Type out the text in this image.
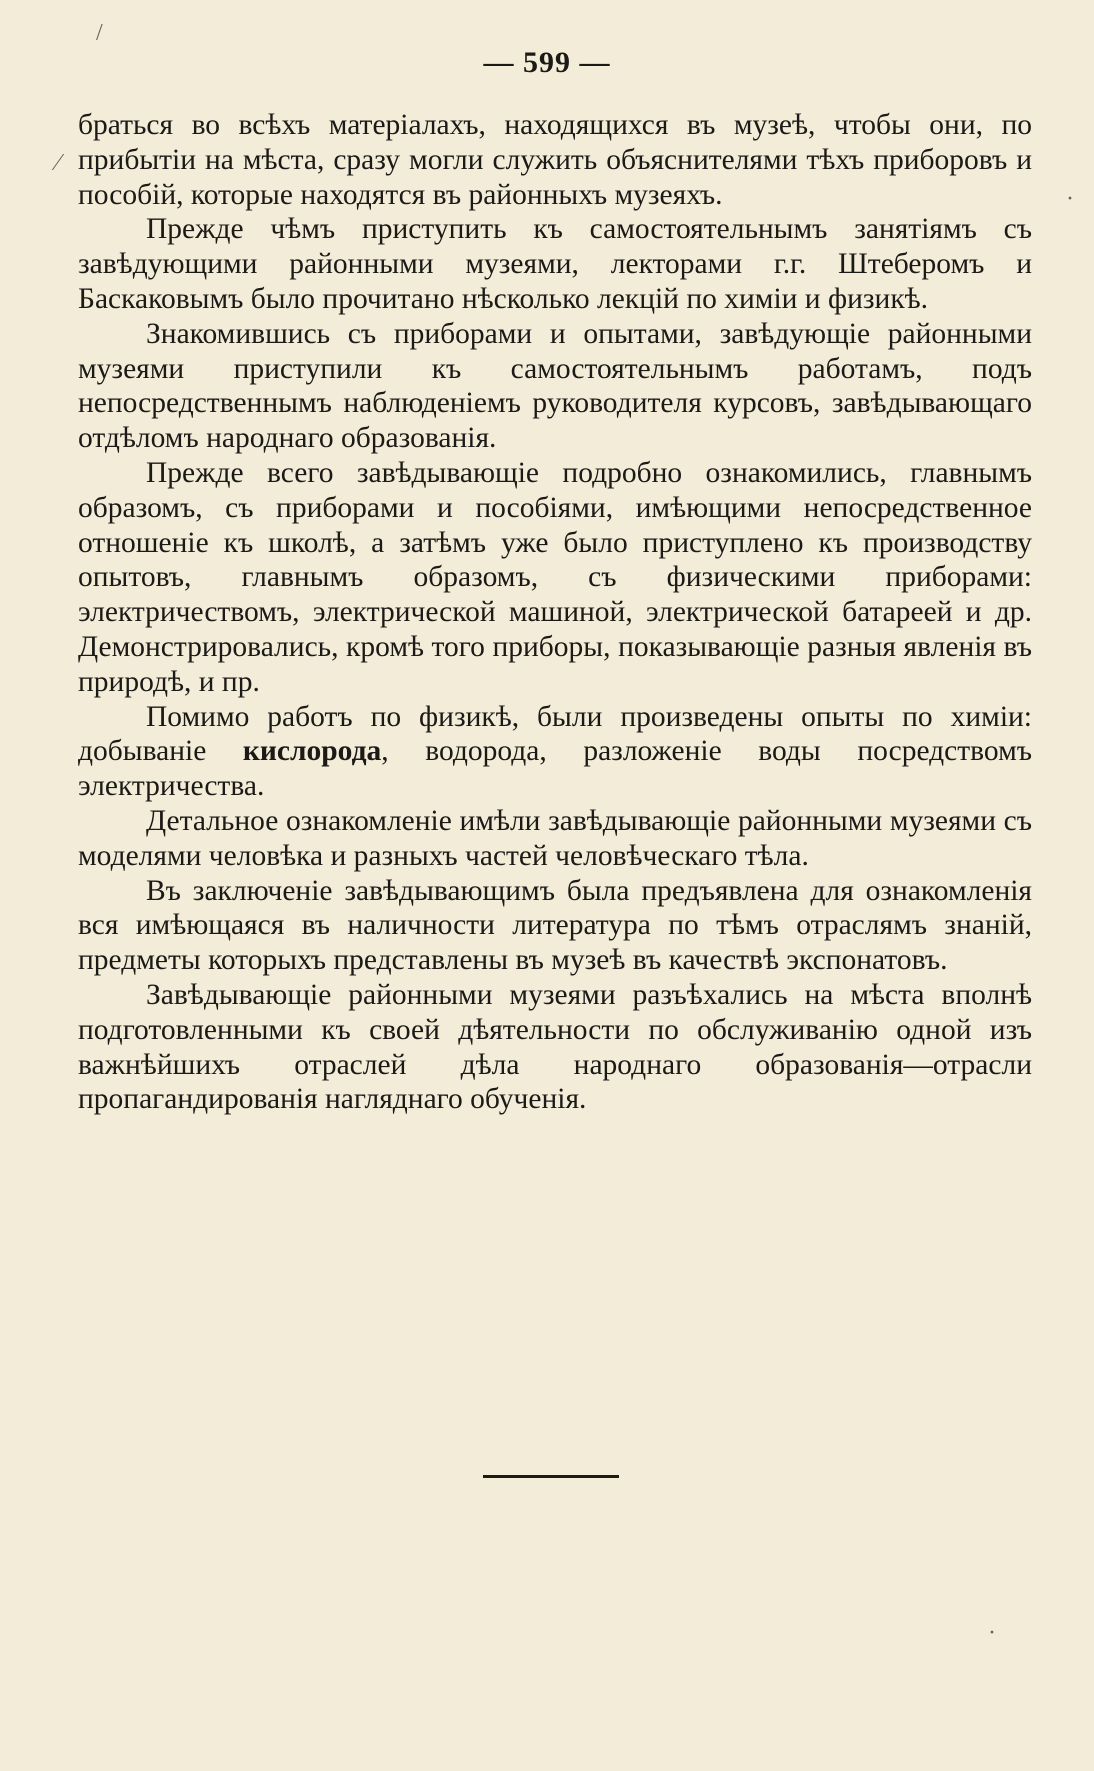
— 599 —

браться во всѣхъ матеріалахъ, находящихся въ музеѣ, чтобы они, по прибытіи на мѣста, сразу могли служить объяснителями тѣхъ приборовъ и пособій, которые находятся въ районныхъ музеяхъ.

Прежде чѣмъ приступить къ самостоятельнымъ занятіямъ съ завѣдующими районными музеями, лекторами г.г. Штеберомъ и Баскаковымъ было прочитано нѣсколько лекцій по химіи и физикѣ.

Знакомившись съ приборами и опытами, завѣдующіе районными музеями приступили къ самостоятельнымъ работамъ, подъ непосредственнымъ наблюденіемъ руководителя курсовъ, завѣдывающаго отдѣломъ народнаго образованія.

Прежде всего завѣдывающіе подробно ознакомились, главнымъ образомъ, съ приборами и пособіями, имѣющими непосредственное отношеніе къ школѣ, а затѣмъ уже было приступлено къ производству опытовъ, главнымъ образомъ, съ физическими приборами: электричествомъ, электрической машиной, электрической батареей и др. Демонстрировались, кромѣ того приборы, показывающіе разныя явленія въ природѣ, и пр.

Помимо работъ по физикѣ, были произведены опыты по химіи: добываніе кислорода, водорода, разложеніе воды посредствомъ электричества.

Детальное ознакомленіе имѣли завѣдывающіе районными музеями съ моделями человѣка и разныхъ частей человѣческаго тѣла.

Въ заключеніе завѣдывающимъ была предъявлена для ознакомленія вся имѣющаяся въ наличности литература по тѣмъ отраслямъ знаній, предметы которыхъ представлены въ музеѣ въ качествѣ экспонатовъ.

Завѣдывающіе районными музеями разъѣхались на мѣста вполнѣ подготовленными къ своей дѣятельности по обслуживанію одной изъ важнѣйшихъ отраслей дѣла народнаго образованія—отрасли пропагандированія нагляднаго обученія.

/
⁄
·
·
